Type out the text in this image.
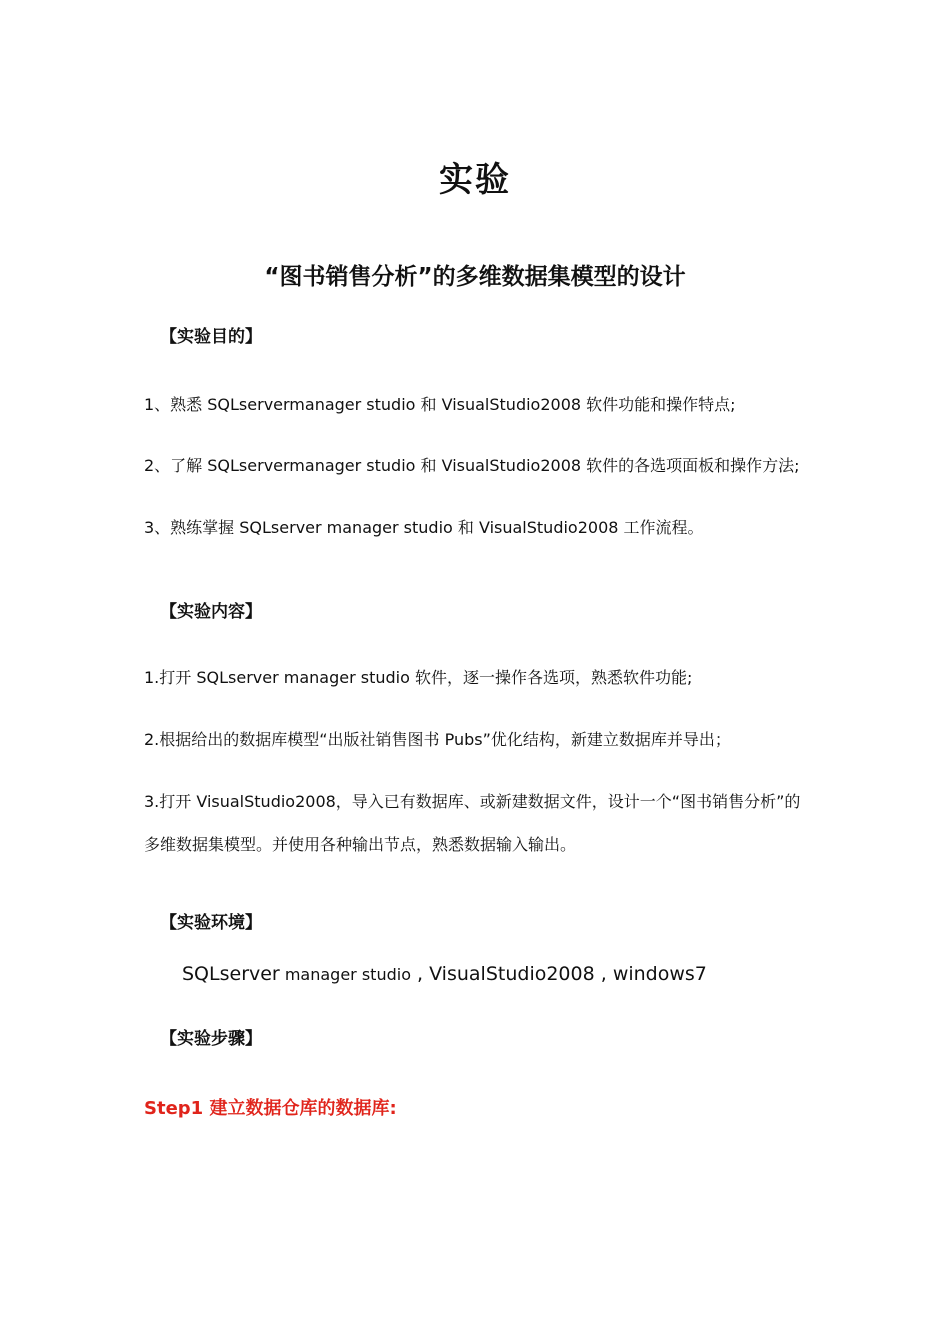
实验
“图书销售分析”的多维数据集模型的设计
【实验目的】

1、熟悉 SQLservermanager studio 和 VisualStudio2008 软件功能和操作特点;

2、了解 SQLservermanager studio 和 VisualStudio2008 软件的各选项面板和操作方法;

3、熟练掌握 SQLserver manager studio 和 VisualStudio2008 工作流程。

【实验内容】

1.打开 SQLserver manager studio 软件，逐一操作各选项，熟悉软件功能;

2.根据给出的数据库模型“出版社销售图书 Pubs”优化结构，新建立数据库并导出；

3.打开 VisualStudio2008，导入已有数据库、或新建数据文件，设计一个“图书销售分析”的多维数据集模型。并使用各种输出节点，熟悉数据输入输出。

【实验环境】

SQLserver manager studio , VisualStudio2008 , windows7

【实验步骤】

Step1 建立数据仓库的数据库:
